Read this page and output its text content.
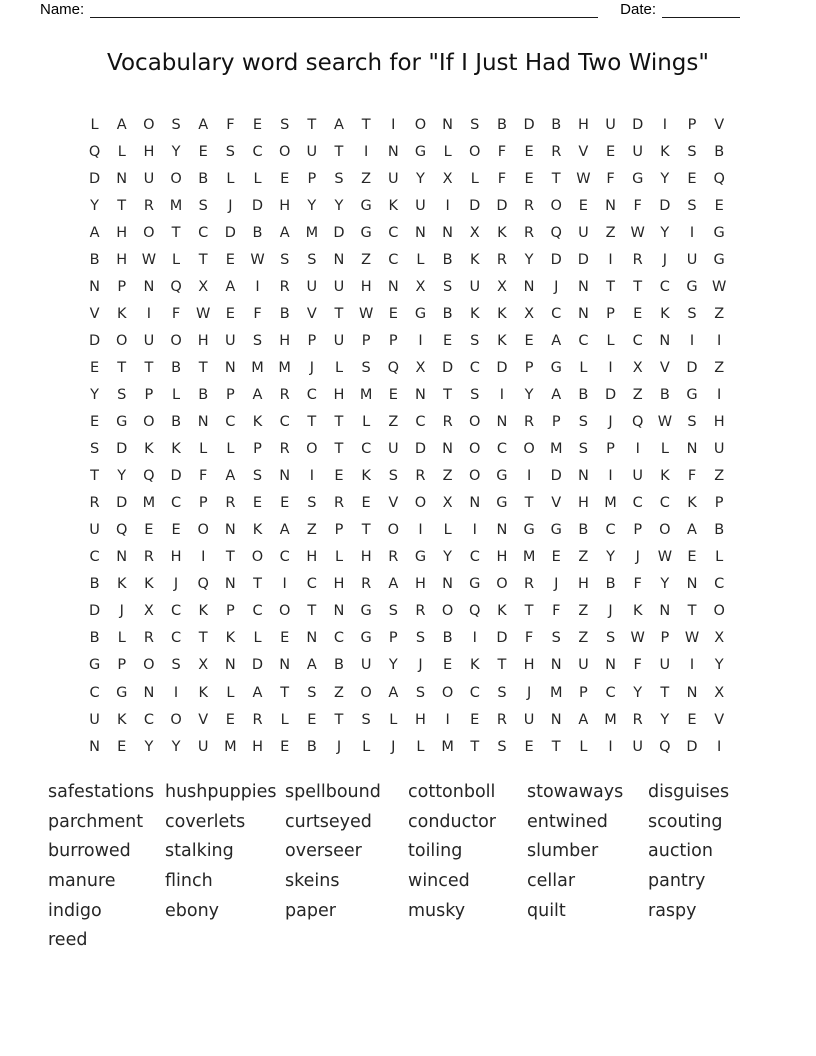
Name:	Date:
Vocabulary word search for "If I Just Had Two Wings"
L	A	O	S	A	F	E	S	T	A	T	I	O	N	S	B	D	B	H	U	D	I	P	V
Q	L	H	Y	E	S	C	O	U	T	I	N	G	L	O	F	E	R	V	E	U	K	S	B
D	N	U	O	B	L	L	E	P	S	Z	U	Y	X	L	F	E	T	W	F	G	Y	E	Q
Y	T	R	M	S	J	D	H	Y	Y	G	K	U	I	D	D	R	O	E	N	F	D	S	E
A	H	O	T	C	D	B	A	M	D	G	C	N	N	X	K	R	Q	U	Z	W	Y	I	G
B	H	W	L	T	E	W	S	S	N	Z	C	L	B	K	R	Y	D	D	I	R	J	U	G
N	P	N	Q	X	A	I	R	U	U	H	N	X	S	U	X	N	J	N	T	T	C	G W
V	K	I	F	W	E	F	B	V	T	W	E	G	B	K	K	X	C	N	P	E	K	S	Z
D	O	U	O	H	U	S	H	P	U	P	P	I	E	S	K	E	A	C	L	C	N	I	I
E	T	T	B	T	N	M	M	J	L	S	Q	X	D	C	D	P	G	L	I	X	V	D	Z
Y	S	P	L	B	P	A	R	C	H	M	E	N	T	S	I	Y	A	B	D	Z	B	G	I
E	G	O	B	N	C	K	C	T	T	L	Z	C	R	O	N	R	P	S	J	Q W	S	H
S	D	K	K	L	L	P	R	O	T	C	U	D	N	O	C	O	M	S	P	I	L	N	U
T	Y	Q	D	F	A	S	N	I	E	K	S	R	Z	O	G	I	D	N	I	U	K	F	Z
R	D	M	C	P	R	E	E	S	R	E	V	O	X	N	G	T	V	H	M	C	C	K	P
U	Q	E	E	O	N	K	A	Z	P	T	O	I	L	I	N	G	G	B	C	P	O	A	B
C	N	R	H	I	T	O	C	H	L	H	R	G	Y	C	H	M	E	Z	Y	J	W	E	L
B	K	K	J	Q	N	T	I	C	H	R	A	H	N	G	O	R	J	H	B	F	Y	N	C
D	J	X	C	K	P	C	O	T	N	G	S	R	O	Q	K	T	F	Z	J	K	N	T	O
B	L	R	C	T	K	L	E	N	C	G	P	S	B	I	D	F	S	Z	S	W	P	W	X
G	P	O	S	X	N	D	N	A	B	U	Y	J	E	K	T	H	N	U	N	F	U	I	Y
C	G	N	I	K	L	A	T	S	Z	O	A	S	O	C	S	J	M	P	C	Y	T	N	X
U	K	C	O	V	E	R	L	E	T	S	L	H	I	E	R	U	N	A	M	R	Y	E	V
N	E	Y	Y	U	M	H	E	B	J	L	J	L	M	T	S	E	T	L	I	U	Q	D	I
safestations hushpuppies spellbound	cottonboll	stowaways	disguises
parchment	coverlets	curtseyed	conductor	entwined	scouting
burrowed	stalking	overseer	toiling	slumber	auction
manure	flinch	skeins	winced	cellar	pantry
indigo	ebony	paper	musky	quilt	raspy
reed
